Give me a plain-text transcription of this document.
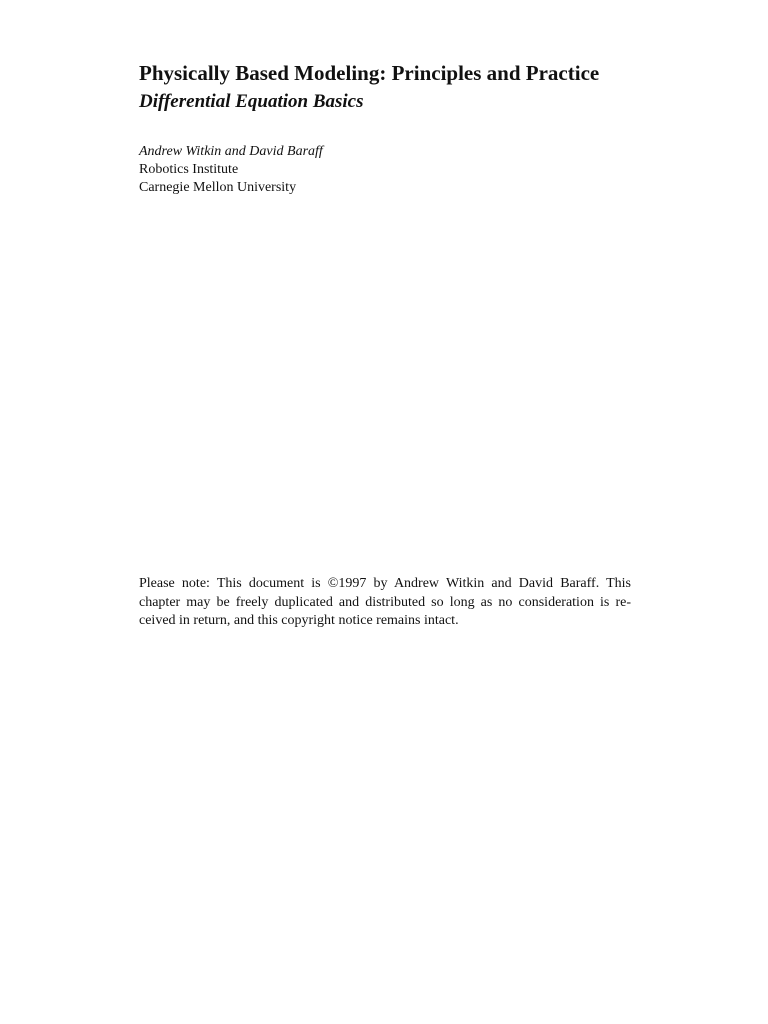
Physically Based Modeling: Principles and Practice
Differential Equation Basics
Andrew Witkin and David Baraff
Robotics Institute
Carnegie Mellon University

Please note: This document is ©1997 by Andrew Witkin and David Baraff. This
chapter may be freely duplicated and distributed so long as no consideration is re-
ceived in return, and this copyright notice remains intact.
